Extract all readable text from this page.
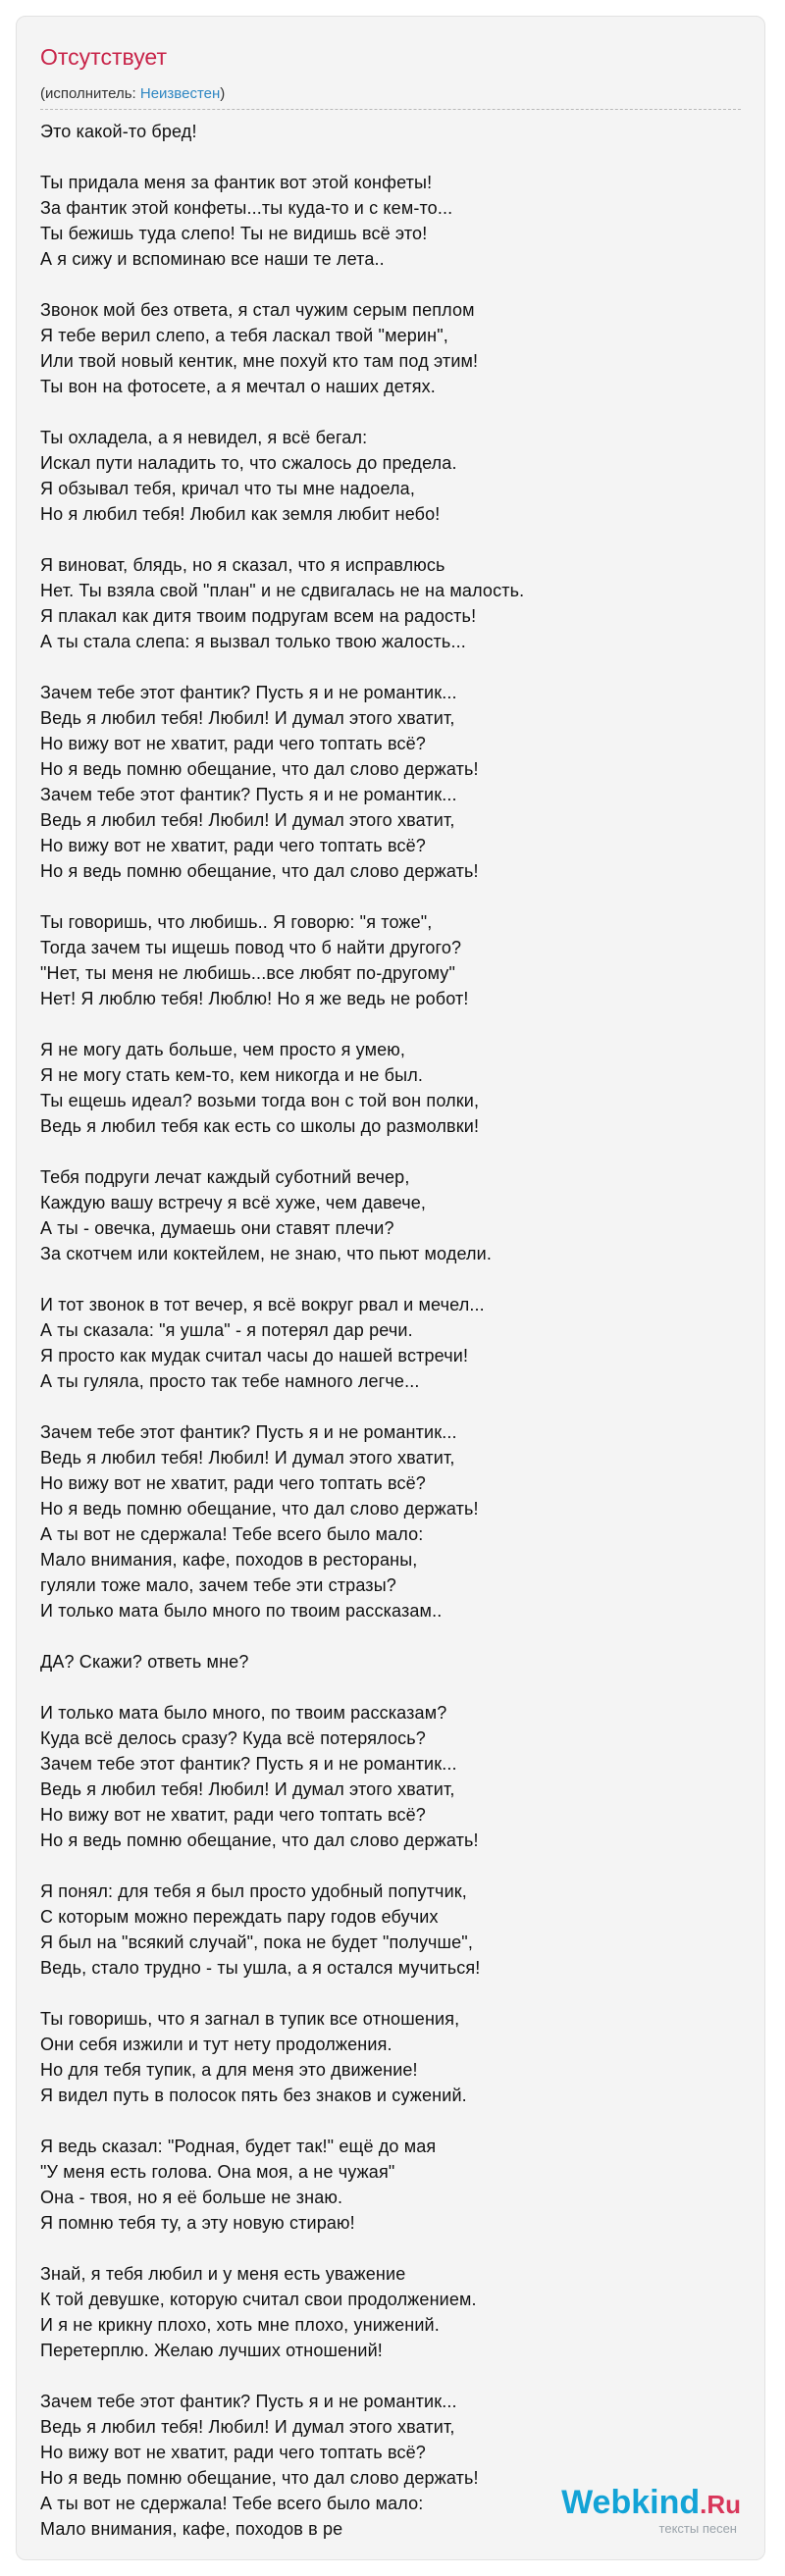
Отсутствует
(исполнитель: Неизвестен)
Это какой-то бред!
Ты придала меня за фантик вот этой конфеты!
За фантик этой конфеты...ты куда-то и с кем-то...
Ты бежишь туда слепо! Ты не видишь всё это!
А я сижу и вспоминаю все наши те лета..
Звонок мой без ответа, я стал чужим серым пеплом
Я тебе верил слепо, а тебя ласкал твой "мерин",
Или твой новый кентик, мне похуй кто там под этим!
Ты вон на фотосете, а я мечтал о наших детях.
Ты охладела, а я невидел, я всё бегал:
Искал пути наладить то, что сжалось до предела.
Я обзывал тебя, кричал что ты мне надоела,
Но я любил тебя! Любил как земля любит небо!
Я виноват, блядь, но я сказал, что я исправлюсь
Нет. Ты взяла свой "план" и не сдвигалась не на малость.
Я плакал как дитя твоим подругам всем на радость!
А ты стала слепа: я вызвал только твою жалость...
Зачем тебе этот фантик? Пусть я и не романтик...
Ведь я любил тебя! Любил! И думал этого хватит,
Но вижу вот не хватит, ради чего топтать всё?
Но я ведь помню обещание, что дал слово держать!
Зачем тебе этот фантик? Пусть я и не романтик...
Ведь я любил тебя! Любил! И думал этого хватит,
Но вижу вот не хватит, ради чего топтать всё?
Но я ведь помню обещание, что дал слово держать!
Ты говоришь, что любишь.. Я говорю: "я тоже",
Тогда зачем ты ищешь повод что б найти другого?
"Нет, ты меня не любишь...все любят по-другому"
Нет! Я люблю тебя! Люблю! Но я же ведь не робот!
Я не могу дать больше, чем просто я умею,
Я не могу стать кем-то, кем никогда и не был.
Ты ещешь идеал? возьми тогда вон с той вон полки,
Ведь я любил тебя как есть со школы до размолвки!
Тебя подруги лечат каждый суботний вечер,
Каждую вашу встречу я всё хуже, чем давече,
А ты - овечка, думаешь они ставят плечи?
За скотчем или коктейлем, не знаю, что пьют модели.
И тот звонок в тот вечер, я всё вокруг рвал и мечел...
А ты сказала: "я ушла" - я потерял дар речи.
Я просто как мудак считал часы до нашей встречи!
А ты гуляла, просто так тебе намного легче...
Зачем тебе этот фантик? Пусть я и не романтик...
Ведь я любил тебя! Любил! И думал этого хватит,
Но вижу вот не хватит, ради чего топтать всё?
Но я ведь помню обещание, что дал слово держать!
А ты вот не сдержала! Тебе всего было мало:
Мало внимания, кафе, походов в рестораны,
гуляли тоже мало, зачем тебе эти стразы?
И только мата было много по твоим рассказам..
ДА? Скажи? ответь мне?
И только мата было много, по твоим рассказам?
Куда всё делось сразу? Куда всё потерялось?
Зачем тебе этот фантик? Пусть я и не романтик...
Ведь я любил тебя! Любил! И думал этого хватит,
Но вижу вот не хватит, ради чего топтать всё?
Но я ведь помню обещание, что дал слово держать!
Я понял: для тебя я был просто удобный попутчик,
С которым можно переждать пару годов ебучих
Я был на "всякий случай", пока не будет "получше",
Ведь, стало трудно - ты ушла, а я остался мучиться!
Ты говоришь, что я загнал в тупик все отношения,
Они себя изжили и тут нету продолжения.
Но для тебя тупик, а для меня это движение!
Я видел путь в полосок пять без знаков и сужений.
Я ведь сказал: "Родная, будет так!" ещё до мая
"У меня есть голова. Она моя, а не чужая"
Она - твоя, но я её больше не знаю.
Я помню тебя ту, а эту новую стираю!
Знай, я тебя любил и у меня есть уважение
К той девушке, которую считал свои продолжением.
И я не крикну плохо, хоть мне плохо, унижений.
Перетерплю. Желаю лучших отношений!
Зачем тебе этот фантик? Пусть я и не романтик...
Ведь я любил тебя! Любил! И думал этого хватит,
Но вижу вот не хватит, ради чего топтать всё?
Но я ведь помню обещание, что дал слово держать!
А ты вот не сдержала! Тебе всего было мало:
Мало внимания, кафе, походов в ре
Webkind.Ru
тексты песен
